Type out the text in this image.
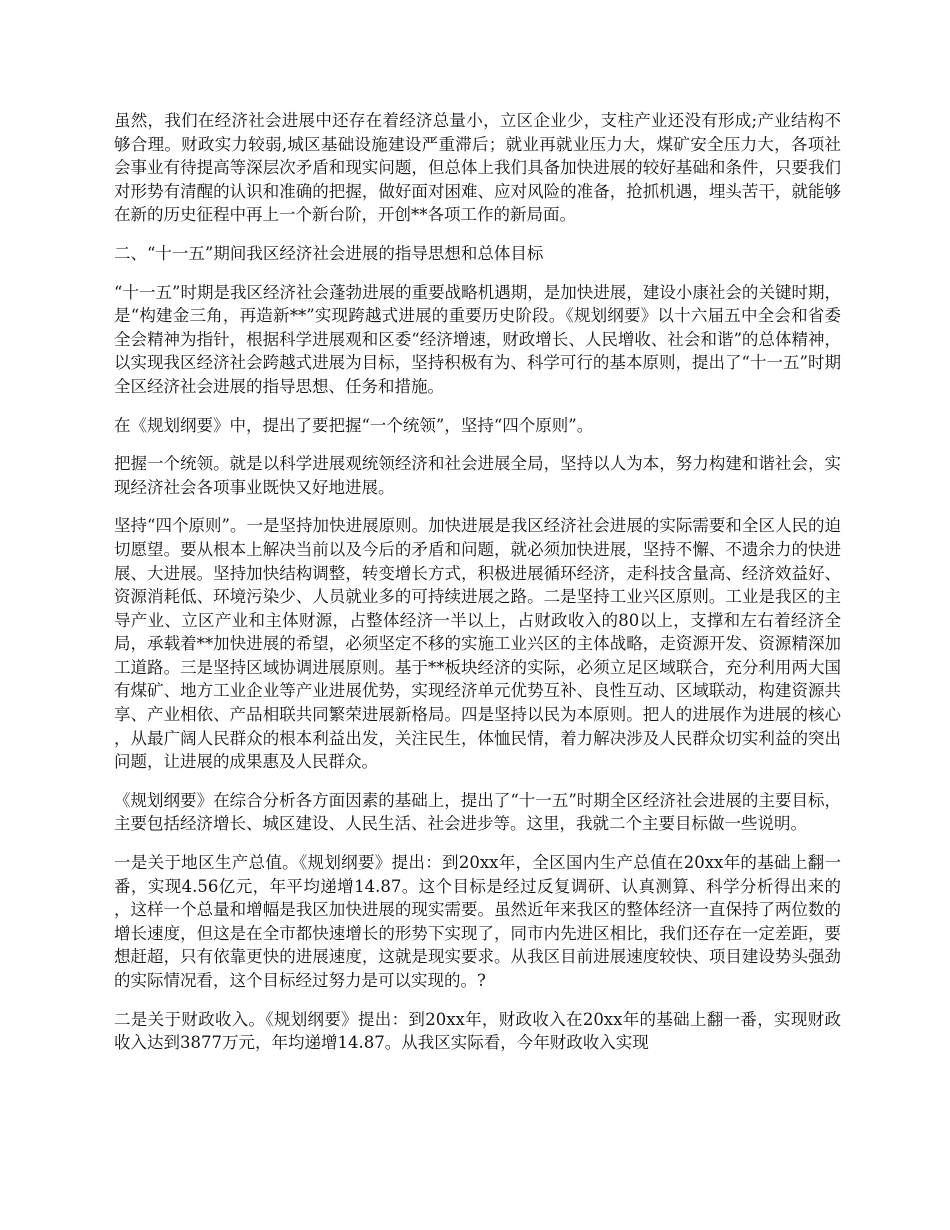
虽然，我们在经济社会进展中还存在着经济总量小，立区企业少，支柱产业还没有形成;产业结构不够合理。财政实力较弱,城区基础设施建设严重滞后；就业再就业压力大，煤矿安全压力大，各项社会事业有待提高等深层次矛盾和现实问题，但总体上我们具备加快进展的较好基础和条件，只要我们对形势有清醒的认识和准确的把握，做好面对困难、应对风险的准备，抢抓机遇，埋头苦干，就能够在新的历史征程中再上一个新台阶，开创**各项工作的新局面。

二、“十一五”期间我区经济社会进展的指导思想和总体目标

“十一五”时期是我区经济社会蓬勃进展的重要战略机遇期，是加快进展，建设小康社会的关键时期，是“构建金三角，再造新**”实现跨越式进展的重要历史阶段。《规划纲要》以十六届五中全会和省委全会精神为指针，根据科学进展观和区委“经济增速，财政增长、人民增收、社会和谐”的总体精神，以实现我区经济社会跨越式进展为目标，坚持积极有为、科学可行的基本原则，提出了“十一五”时期全区经济社会进展的指导思想、任务和措施。

在《规划纲要》中，提出了要把握“一个统领”，坚持“四个原则”。

把握一个统领。就是以科学进展观统领经济和社会进展全局，坚持以人为本，努力构建和谐社会，实现经济社会各项事业既快又好地进展。

坚持“四个原则”。一是坚持加快进展原则。加快进展是我区经济社会进展的实际需要和全区人民的迫切愿望。要从根本上解决当前以及今后的矛盾和问题，就必须加快进展，坚持不懈、不遗余力的快进展、大进展。坚持加快结构调整，转变增长方式，积极进展循环经济，走科技含量高、经济效益好、资源消耗低、环境污染少、人员就业多的可持续进展之路。二是坚持工业兴区原则。工业是我区的主导产业、立区产业和主体财源，占整体经济一半以上，占财政收入的80以上，支撑和左右着经济全局，承载着**加快进展的希望，必须坚定不移的实施工业兴区的主体战略，走资源开发、资源精深加工道路。三是坚持区域协调进展原则。基于**板块经济的实际，必须立足区域联合，充分利用两大国有煤矿、地方工业企业等产业进展优势，实现经济单元优势互补、良性互动、区域联动，构建资源共享、产业相依、产品相联共同繁荣进展新格局。四是坚持以民为本原则。把人的进展作为进展的核心，从最广阔人民群众的根本利益出发，关注民生，体恤民情，着力解决涉及人民群众切实利益的突出问题，让进展的成果惠及人民群众。

《规划纲要》在综合分析各方面因素的基础上，提出了“十一五”时期全区经济社会进展的主要目标，主要包括经济增长、城区建设、人民生活、社会进步等。这里，我就二个主要目标做一些说明。

一是关于地区生产总值。《规划纲要》提出：到20xx年，全区国内生产总值在20xx年的基础上翻一番，实现4.56亿元，年平均递增14.87。这个目标是经过反复调研、认真测算、科学分析得出来的，这样一个总量和增幅是我区加快进展的现实需要。虽然近年来我区的整体经济一直保持了两位数的增长速度，但这是在全市都快速增长的形势下实现了，同市内先进区相比，我们还存在一定差距，要想赶超，只有依靠更快的进展速度，这就是现实要求。从我区目前进展速度较快、项目建设势头强劲的实际情况看，这个目标经过努力是可以实现的。?

二是关于财政收入。《规划纲要》提出：到20xx年，财政收入在20xx年的基础上翻一番，实现财政收入达到3877万元，年均递增14.87。从我区实际看，今年财政收入实现
